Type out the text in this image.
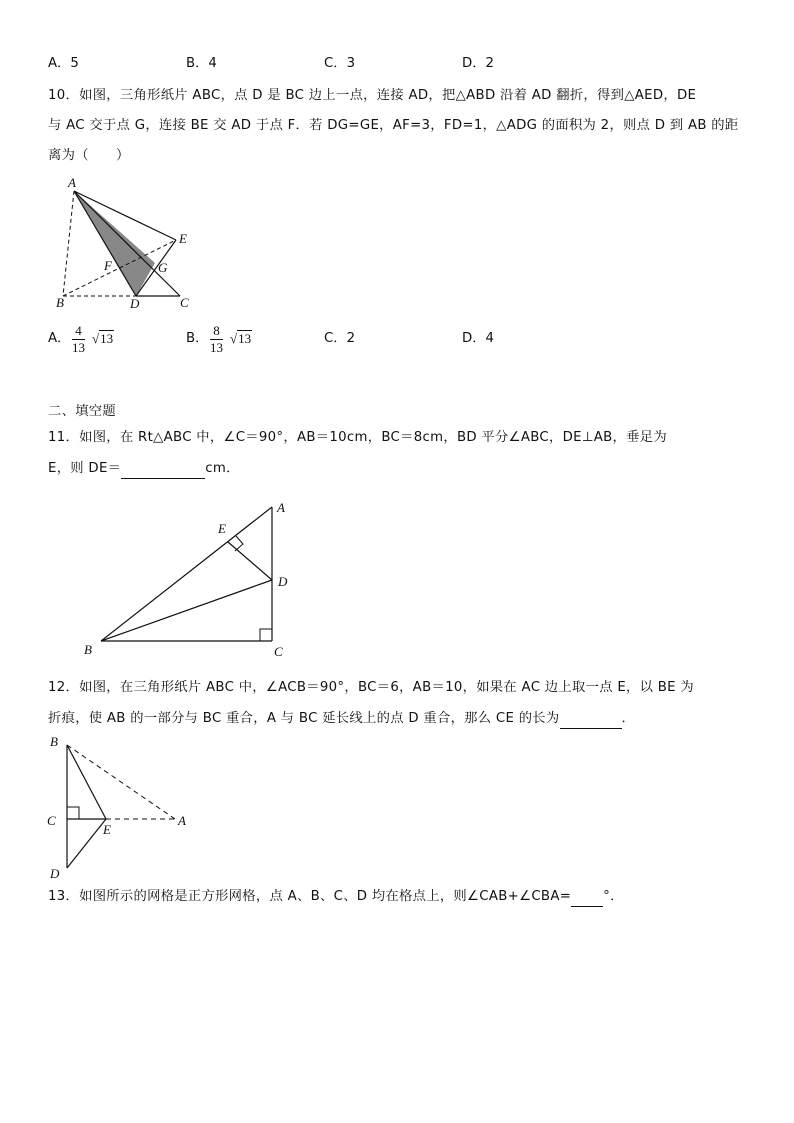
A．5	B．4	C．3	D．2
10．如图，三角形纸片 ABC，点 D 是 BC 边上一点，连接 AD，把△ABD 沿着 AD 翻折，得到△AED，DE
与 AC 交于点 G，连接 BE 交 AD 于点 F．若 DG=GE，AF=3，FD=1，△ADG 的面积为 2，则点 D 到 AB 的距
离为（　　）
A
B	C
D
E
F	G
A． $\frac{4}{13} √13$	B． $\frac{8}{13} √13$	C．2	D．4
二、填空题
11．如图，在 Rt△ABC 中，∠C＝90°，AB＝10cm，BC＝8cm，BD 平分∠ABC，DE⊥AB，垂足为
E，则 DE＝	cm．
A
B	C
D
E
12．如图，在三角形纸片 ABC 中，∠ACB＝90°，BC＝6，AB＝10，如果在 AC 边上取一点 E，以 BE 为
折痕，使 AB 的一部分与 BC 重合，A 与 BC 延长线上的点 D 重合，那么 CE 的长为	．
B
C
D
E
A
13．如图所示的网格是正方形网格，点 A、B、C、D 均在格点上，则∠CAB+∠CBA= °．
